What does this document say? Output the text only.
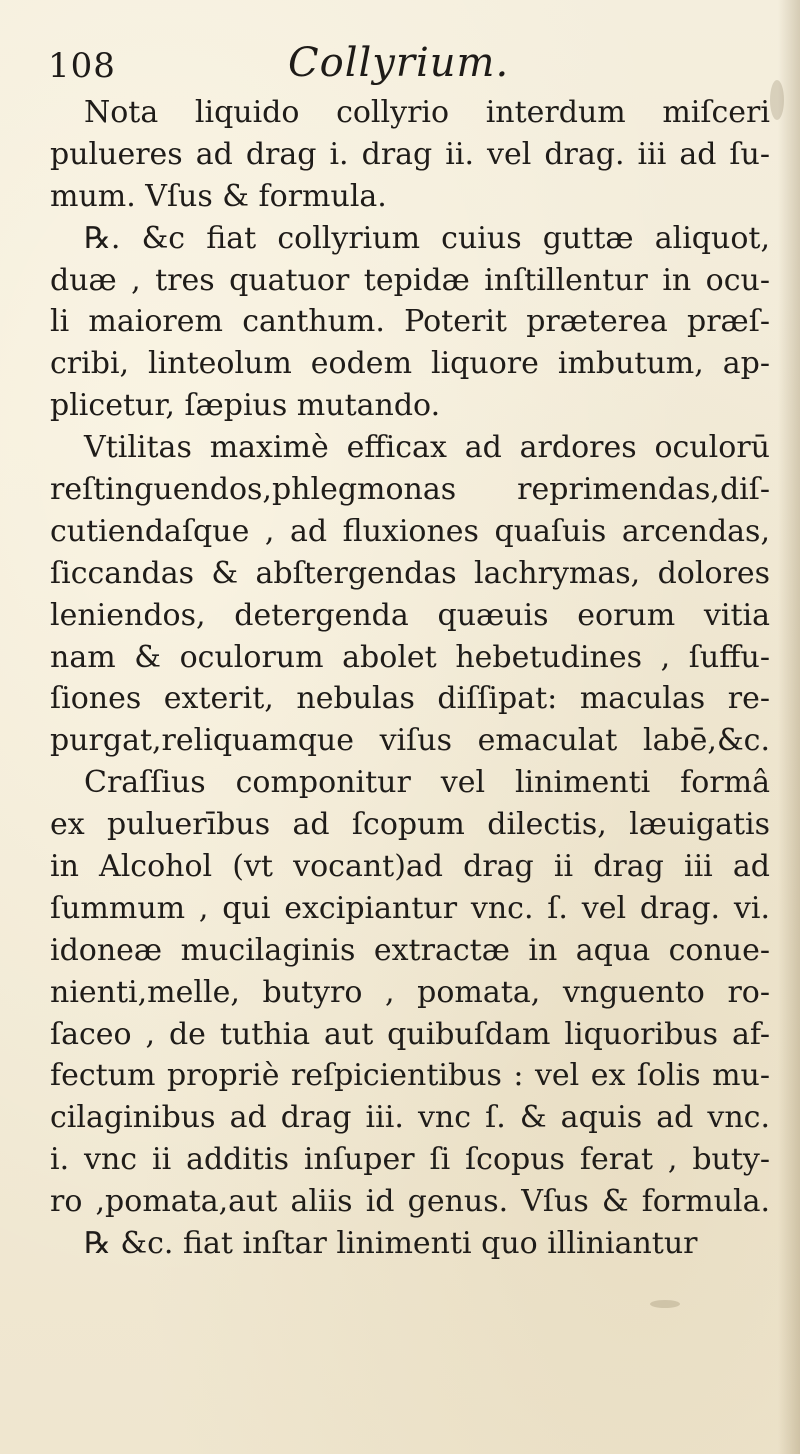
108	Collyrium.
Nota liquido collyrio interdum miſceri
pulueres ad drag i. drag ii. vel drag. iii ad ſu-
mum. Vſus & formula.
℞. &c fiat collyrium cuius guttæ aliquot,
duæ , tres quatuor tepidæ inſtillentur in ocu-
li maiorem canthum. Poterit præterea præſ-
cribi, linteolum eodem liquore imbutum, ap-
plicetur, ſæpius mutando.
Vtilitas maximè efficax ad ardores oculorū
reſtinguendos,phlegmonas reprimendas,diſ-
cutiendaſque , ad fluxiones quaſuis arcendas,
ſiccandas & abſtergendas lachrymas, dolores
leniendos, detergenda quæuis eorum vitia
nam & oculorum abolet hebetudines , ſuffu-
ſiones exterit, nebulas diſſipat: maculas re-
purgat,reliquamque viſus emaculat labē,&c.
Craſſius componitur vel linimenti formâ
ex puluerībus ad ſcopum dilectis, læuigatis
in Alcohol (vt vocant)ad drag ii drag iii ad
ſummum , qui excipiantur vnc. ſ. vel drag. vi.
idoneæ mucilaginis extractæ in aqua conue-
nienti,melle, butyro , pomata, vnguento ro-
ſaceo , de tuthia aut quibuſdam liquoribus af-
fectum propriè reſpicientibus : vel ex ſolis mu-
cilaginibus ad drag iii. vnc ſ. & aquis ad vnc.
i. vnc ii additis inſuper ſi ſcopus ferat , buty-
ro ,pomata,aut aliis id genus. Vſus & formula.
℞ &c. fiat inſtar linimenti quo illiniantur
